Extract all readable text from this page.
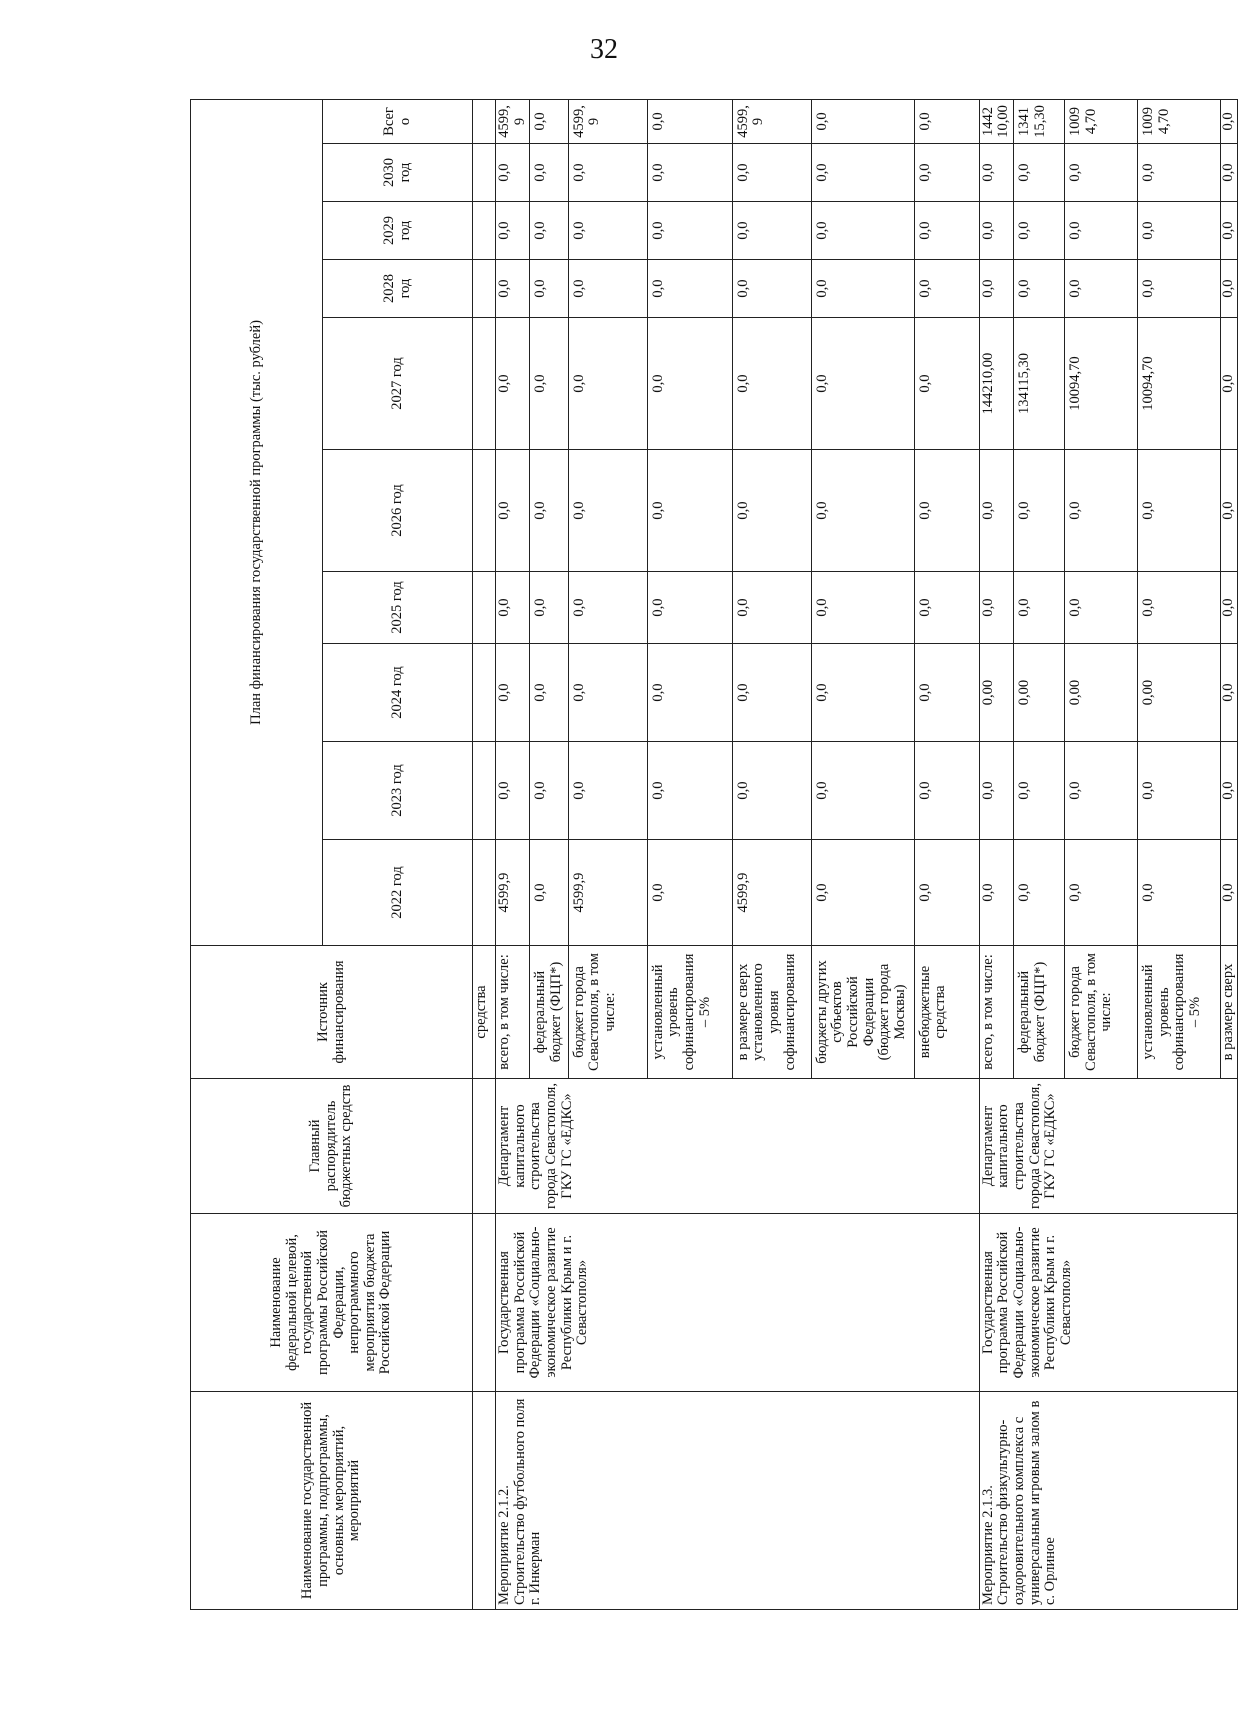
32
Наименование государственной программы, подпрограммы, основных мероприятий, мероприятий	Наименование федеральной целевой, государственной программы Российской Федерации, непрограммного мероприятия бюджета Российской Федерации	Главный распорядитель бюджетных средств	Источник финансирования	План финансирования государственной программы (тыс. рублей)									
				2022 год	2023 год	2024 год	2025 год	2026 год	2027 год	2028 год	2029 год	2030 год	Всего
			средства										
Мероприятие 2.1.2. Строительство футбольного поля г. Инкерман	Государственная программа Российской Федерации «Социально-экономическое развитие Республики Крым и г. Севастополя»	Департамент капитального строительства города Севастополя, ГКУ ГС «ЕДКС»	всего, в том числе:	4599,9	0,0	0,0	0,0	0,0	0,0	0,0	0,0	0,0	4599,9
			федеральный бюджет (ФЦП*)	0,0	0,0	0,0	0,0	0,0	0,0	0,0	0,0	0,0	0,0
			бюджет города Севастополя, в том числе:	4599,9	0,0	0,0	0,0	0,0	0,0	0,0	0,0	0,0	4599,9
			установленный уровень софинансирования – 5%	0,0	0,0	0,0	0,0	0,0	0,0	0,0	0,0	0,0	0,0
			в размере сверх установленного уровня софинансирования	4599,9	0,0	0,0	0,0	0,0	0,0	0,0	0,0	0,0	4599,9
			бюджеты других субъектов Российской Федерации (бюджет города Москвы)	0,0	0,0	0,0	0,0	0,0	0,0	0,0	0,0	0,0	0,0
			внебюджетные средства	0,0	0,0	0,0	0,0	0,0	0,0	0,0	0,0	0,0	0,0
Мероприятие 2.1.3. Строительство физкультурно-оздоровительного комплекса с универсальным игровым залом в с. Орлиное	Государственная программа Российской Федерации «Социально-экономическое развитие Республики Крым и г. Севастополя»	Департамент капитального строительства города Севастополя, ГКУ ГС «ЕДКС»	всего, в том числе:	0,0	0,0	0,00	0,0	0,0	144210,00	0,0	0,0	0,0	144210,00
			федеральный бюджет (ФЦП*)	0,0	0,0	0,00	0,0	0,0	134115,30	0,0	0,0	0,0	134115,30
			бюджет города Севастополя, в том числе:	0,0	0,0	0,00	0,0	0,0	10094,70	0,0	0,0	0,0	10094,70
			установленный уровень софинансирования – 5%	0,0	0,0	0,00	0,0	0,0	10094,70	0,0	0,0	0,0	10094,70
			в размере сверх	0,0	0,0	0,0	0,0	0,0	0,0	0,0	0,0	0,0	0,0
